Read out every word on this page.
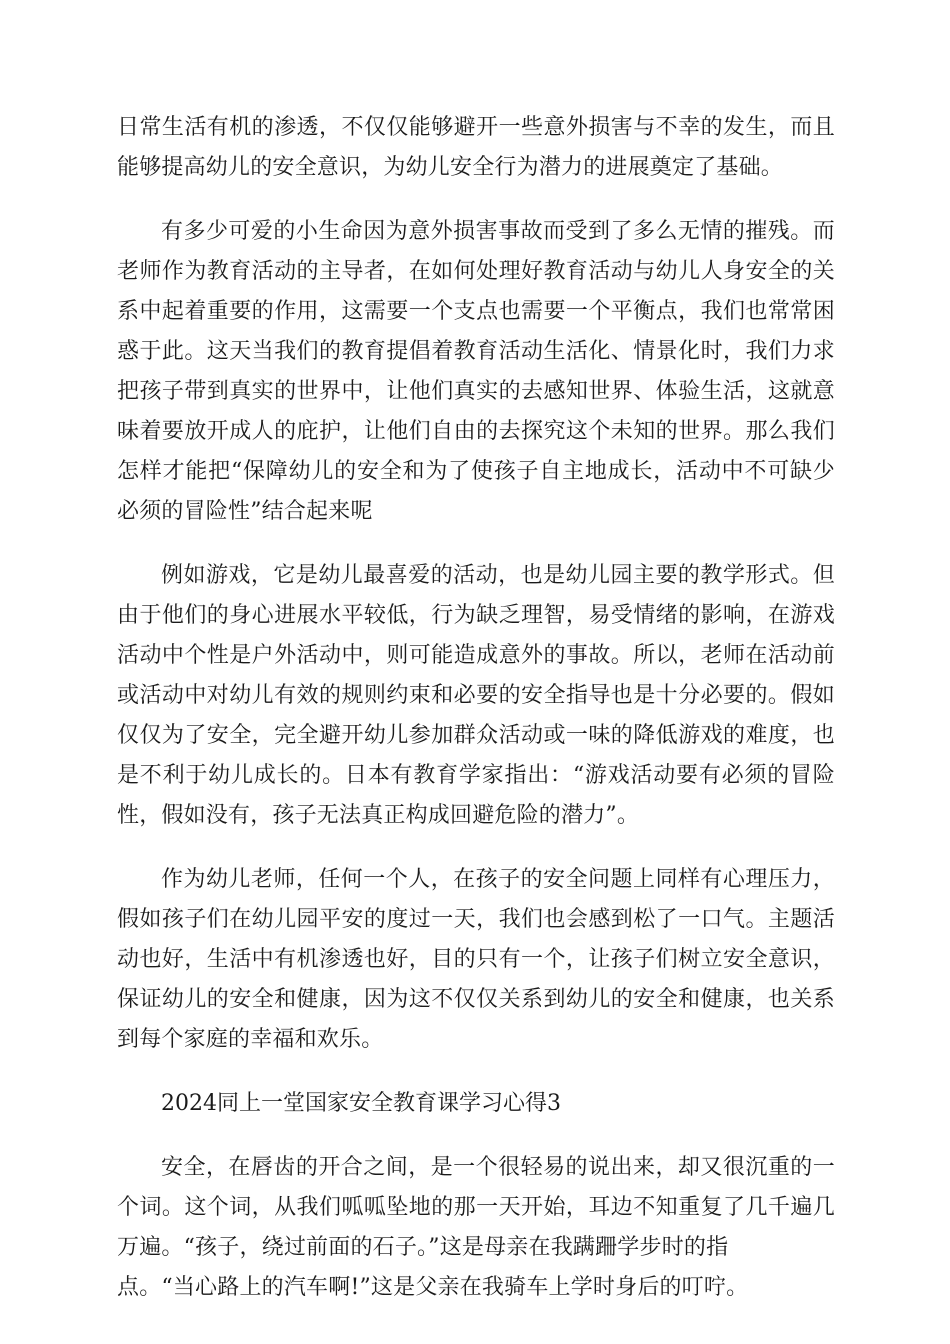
日常生活有机的渗透，不仅仅能够避开一些意外损害与不幸的发生，而且能够提高幼儿的安全意识，为幼儿安全行为潜力的进展奠定了基础。

有多少可爱的小生命因为意外损害事故而受到了多么无情的摧残。而老师作为教育活动的主导者，在如何处理好教育活动与幼儿人身安全的关系中起着重要的作用，这需要一个支点也需要一个平衡点，我们也常常困惑于此。这天当我们的教育提倡着教育活动生活化、情景化时，我们力求把孩子带到真实的世界中，让他们真实的去感知世界、体验生活，这就意味着要放开成人的庇护，让他们自由的去探究这个未知的世界。那么我们怎样才能把“保障幼儿的安全和为了使孩子自主地成长，活动中不可缺少必须的冒险性”结合起来呢

例如游戏，它是幼儿最喜爱的活动，也是幼儿园主要的教学形式。但由于他们的身心进展水平较低，行为缺乏理智，易受情绪的影响，在游戏活动中个性是户外活动中，则可能造成意外的事故。所以，老师在活动前或活动中对幼儿有效的规则约束和必要的安全指导也是十分必要的。假如仅仅为了安全，完全避开幼儿参加群众活动或一味的降低游戏的难度，也是不利于幼儿成长的。日本有教育学家指出：“游戏活动要有必须的冒险性，假如没有，孩子无法真正构成回避危险的潜力”。

作为幼儿老师，任何一个人，在孩子的安全问题上同样有心理压力，假如孩子们在幼儿园平安的度过一天，我们也会感到松了一口气。主题活动也好，生活中有机渗透也好，目的只有一个，让孩子们树立安全意识，保证幼儿的安全和健康，因为这不仅仅关系到幼儿的安全和健康，也关系到每个家庭的幸福和欢乐。

2024同上一堂国家安全教育课学习心得3

安全，在唇齿的开合之间，是一个很轻易的说出来，却又很沉重的一个词。这个词，从我们呱呱坠地的那一天开始，耳边不知重复了几千遍几万遍。“孩子，绕过前面的石子。”这是母亲在我蹒跚学步时的指
点。“当心路上的汽车啊!”这是父亲在我骑车上学时身后的叮咛。
